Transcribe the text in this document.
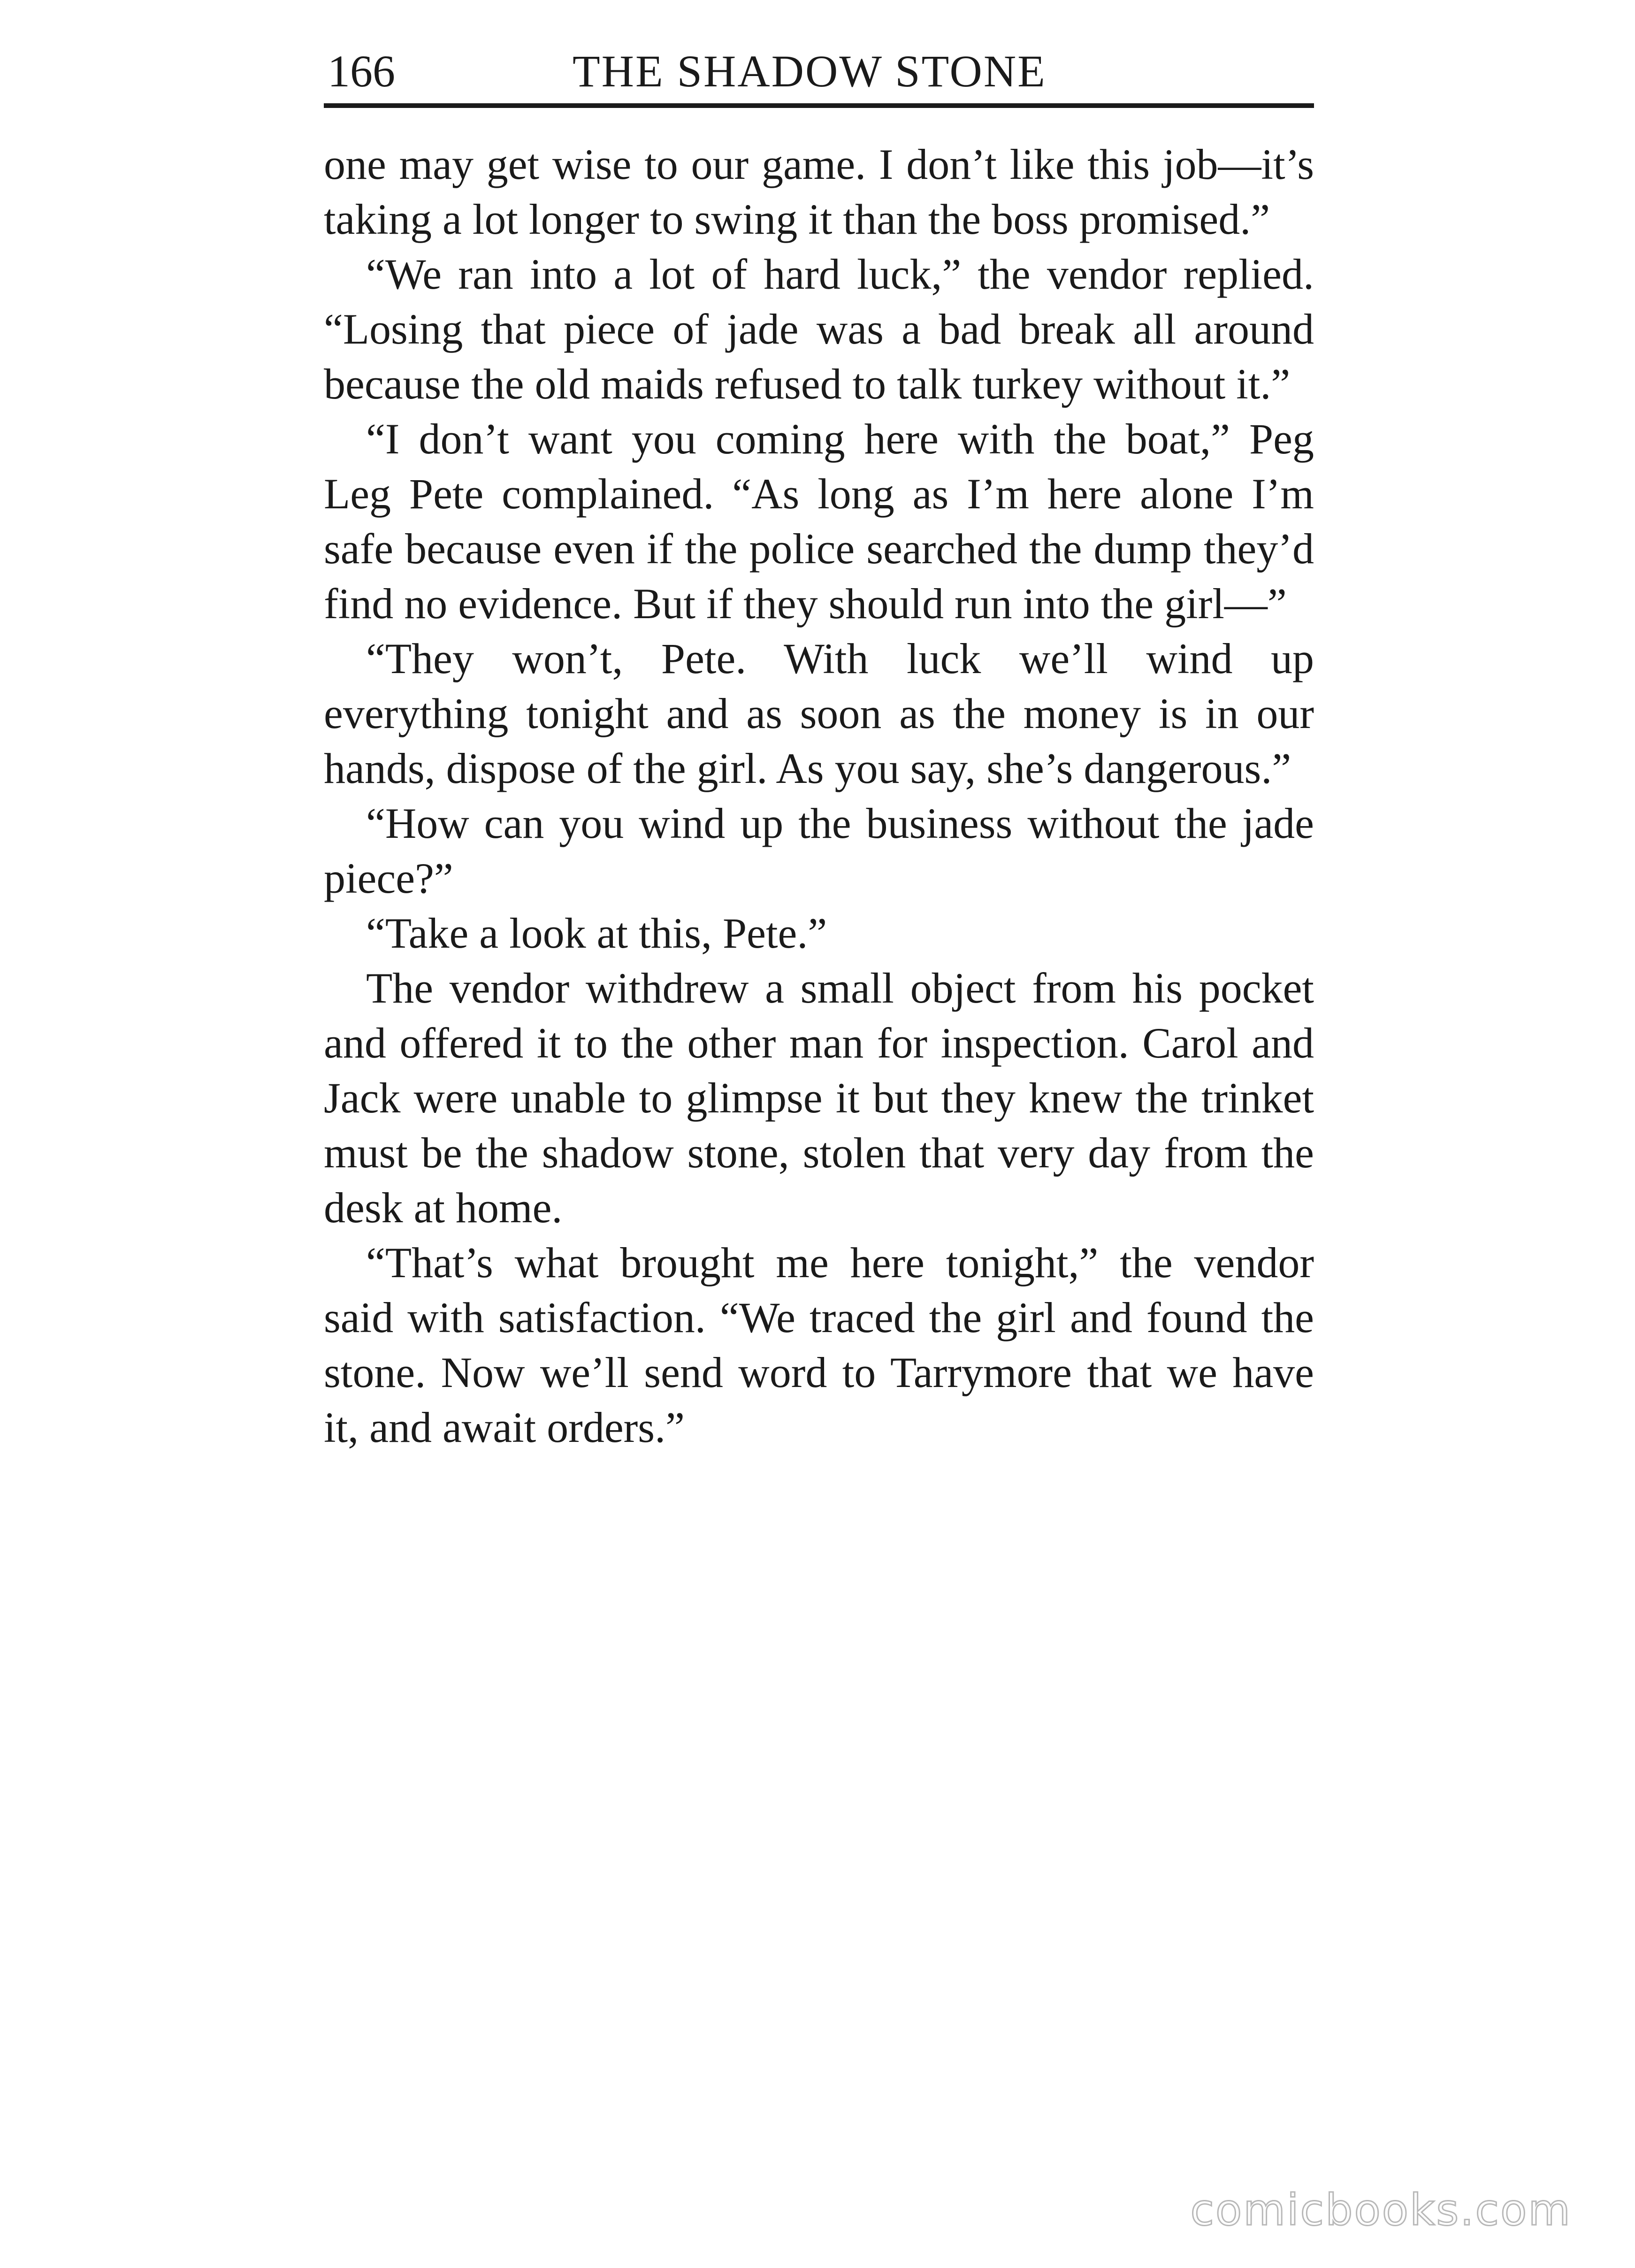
166	THE SHADOW STONE

one may get wise to our game. I don’t like this job—it’s taking a lot longer to swing it than the boss promised.”

“We ran into a lot of hard luck,” the vendor replied. “Losing that piece of jade was a bad break all around because the old maids refused to talk turkey without it.”

“I don’t want you coming here with the boat,” Peg Leg Pete complained. “As long as I’m here alone I’m safe because even if the police searched the dump they’d find no evidence. But if they should run into the girl—”

“They won’t, Pete. With luck we’ll wind up everything tonight and as soon as the money is in our hands, dispose of the girl. As you say, she’s dangerous.”

“How can you wind up the business without the jade piece?”

“Take a look at this, Pete.”

The vendor withdrew a small object from his pocket and offered it to the other man for inspection. Carol and Jack were unable to glimpse it but they knew the trinket must be the shadow stone, stolen that very day from the desk at home.

“That’s what brought me here tonight,” the vendor said with satisfaction. “We traced the girl and found the stone. Now we’ll send word to Tarrymore that we have it, and await orders.”

comicbooks.com
